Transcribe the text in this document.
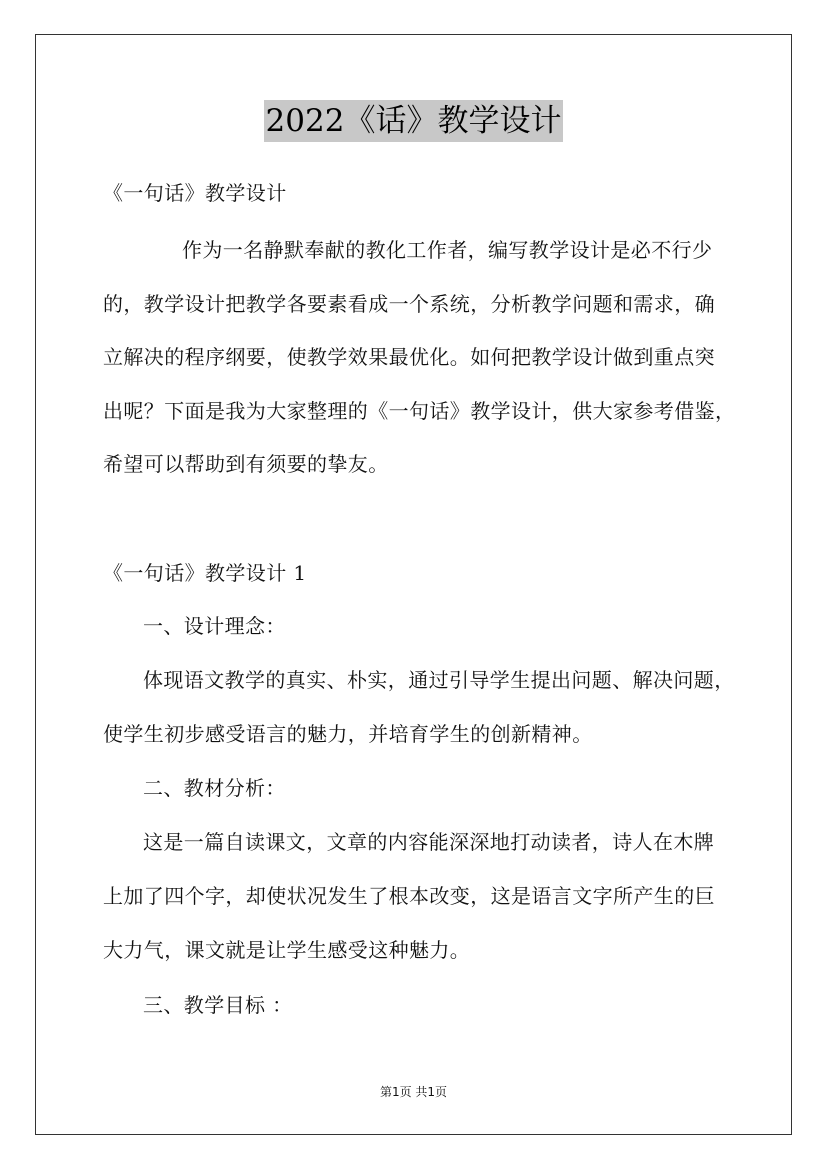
2022《话》教学设计
《一句话》教学设计
作为一名静默奉献的教化工作者，编写教学设计是必不行少
的，教学设计把教学各要素看成一个系统，分析教学问题和需求，确
立解决的程序纲要，使教学效果最优化。如何把教学设计做到重点突
出呢？下面是我为大家整理的《一句话》教学设计，供大家参考借鉴，
希望可以帮助到有须要的挚友。
《一句话》教学设计 1
一、设计理念：
体现语文教学的真实、朴实，通过引导学生提出问题、解决问题，
使学生初步感受语言的魅力，并培育学生的创新精神。
二、教材分析：
这是一篇自读课文，文章的内容能深深地打动读者，诗人在木牌
上加了四个字，却使状况发生了根本改变，这是语言文字所产生的巨
大力气，课文就是让学生感受这种魅力。
三、教学目标 ：
第1页 共1页
